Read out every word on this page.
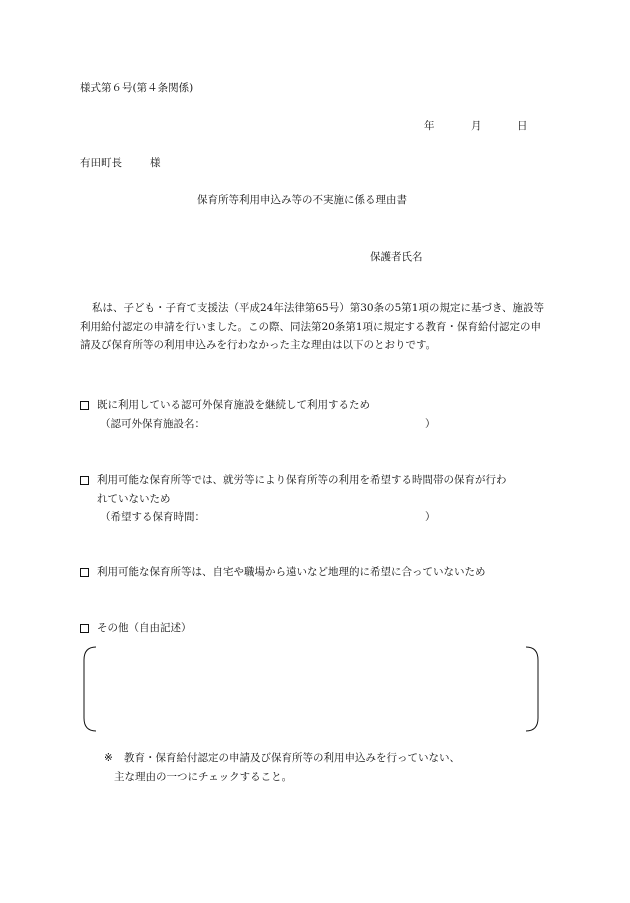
様式第６号(第４条関係)
年	月	日
有田町長	様
保育所等利用申込み等の不実施に係る理由書
保護者氏名
私は、子ども・子育て支援法（平成24年法律第65号）第30条の5第1項の規定に基づき、施設等利用給付認定の申請を行いました。この際、同法第20条第1項に規定する教育・保育給付認定の申請及び保育所等の利用申込みを行わなかった主な理由は以下のとおりです。
既に利用している認可外保育施設を継続して利用するため
（認可外保育施設名：	）
利用可能な保育所等では、就労等により保育所等の利用を希望する時間帯の保育が行わ
れていないため
（希望する保育時間：	）
利用可能な保育所等は、自宅や職場から遠いなど地理的に希望に合っていないため
その他（自由記述）
※ 教育・保育給付認定の申請及び保育所等の利用申込みを行っていない、
主な理由の一つにチェックすること。
